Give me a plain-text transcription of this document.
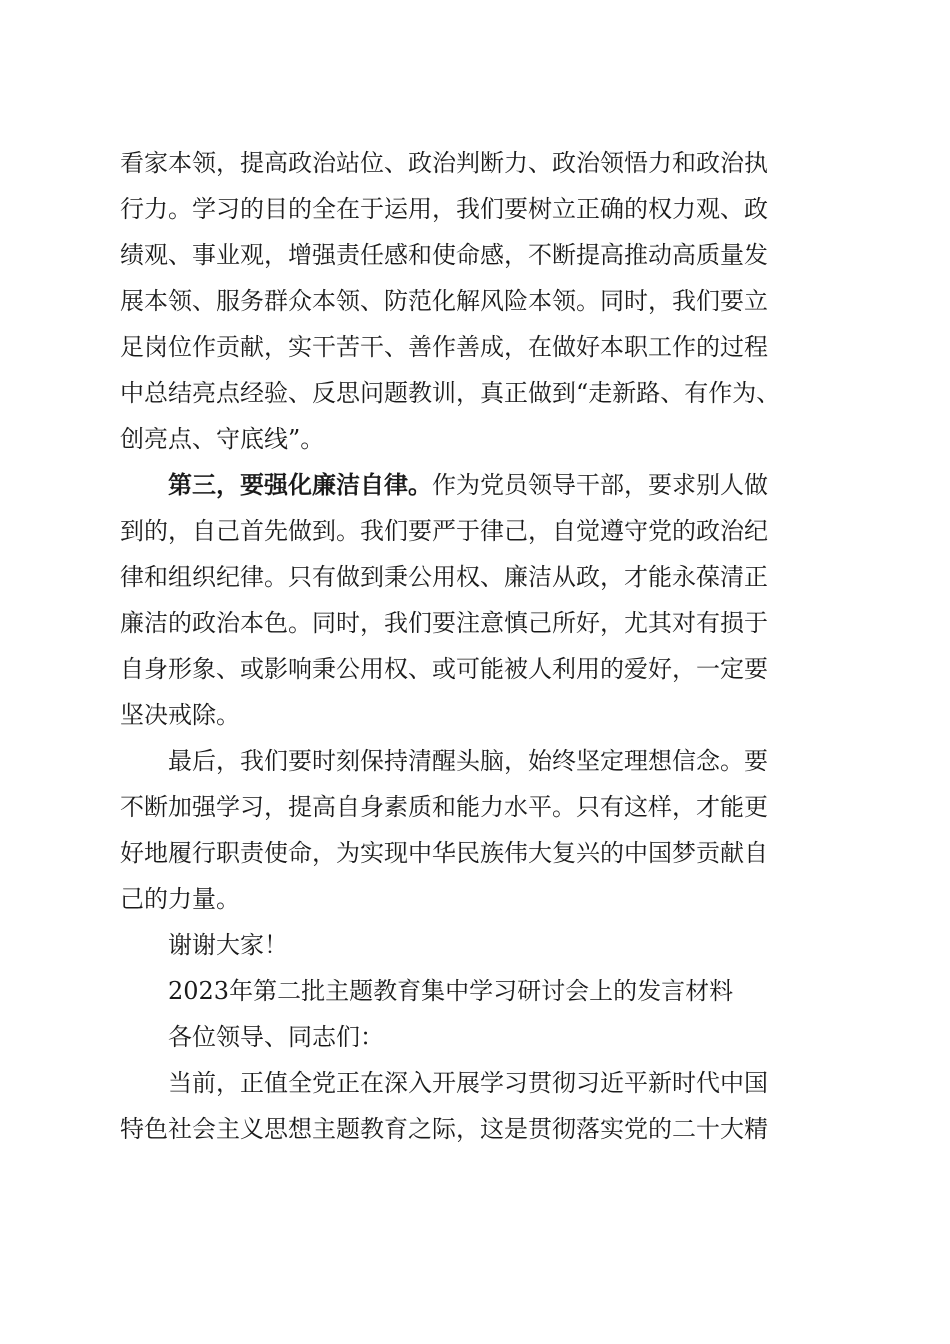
看家本领，提高政治站位、政治判断力、政治领悟力和政治执
行力。学习的目的全在于运用，我们要树立正确的权力观、政
绩观、事业观，增强责任感和使命感，不断提高推动高质量发
展本领、服务群众本领、防范化解风险本领。同时，我们要立
足岗位作贡献，实干苦干、善作善成，在做好本职工作的过程
中总结亮点经验、反思问题教训，真正做到“走新路、有作为、
创亮点、守底线”。

第三，要强化廉洁自律。作为党员领导干部，要求别人做
到的，自己首先做到。我们要严于律己，自觉遵守党的政治纪
律和组织纪律。只有做到秉公用权、廉洁从政，才能永葆清正
廉洁的政治本色。同时，我们要注意慎己所好，尤其对有损于
自身形象、或影响秉公用权、或可能被人利用的爱好，一定要
坚决戒除。

最后，我们要时刻保持清醒头脑，始终坚定理想信念。要
不断加强学习，提高自身素质和能力水平。只有这样，才能更
好地履行职责使命，为实现中华民族伟大复兴的中国梦贡献自
己的力量。

谢谢大家！

2023年第二批主题教育集中学习研讨会上的发言材料

各位领导、同志们：

当前，正值全党正在深入开展学习贯彻习近平新时代中国
特色社会主义思想主题教育之际，这是贯彻落实党的二十大精
